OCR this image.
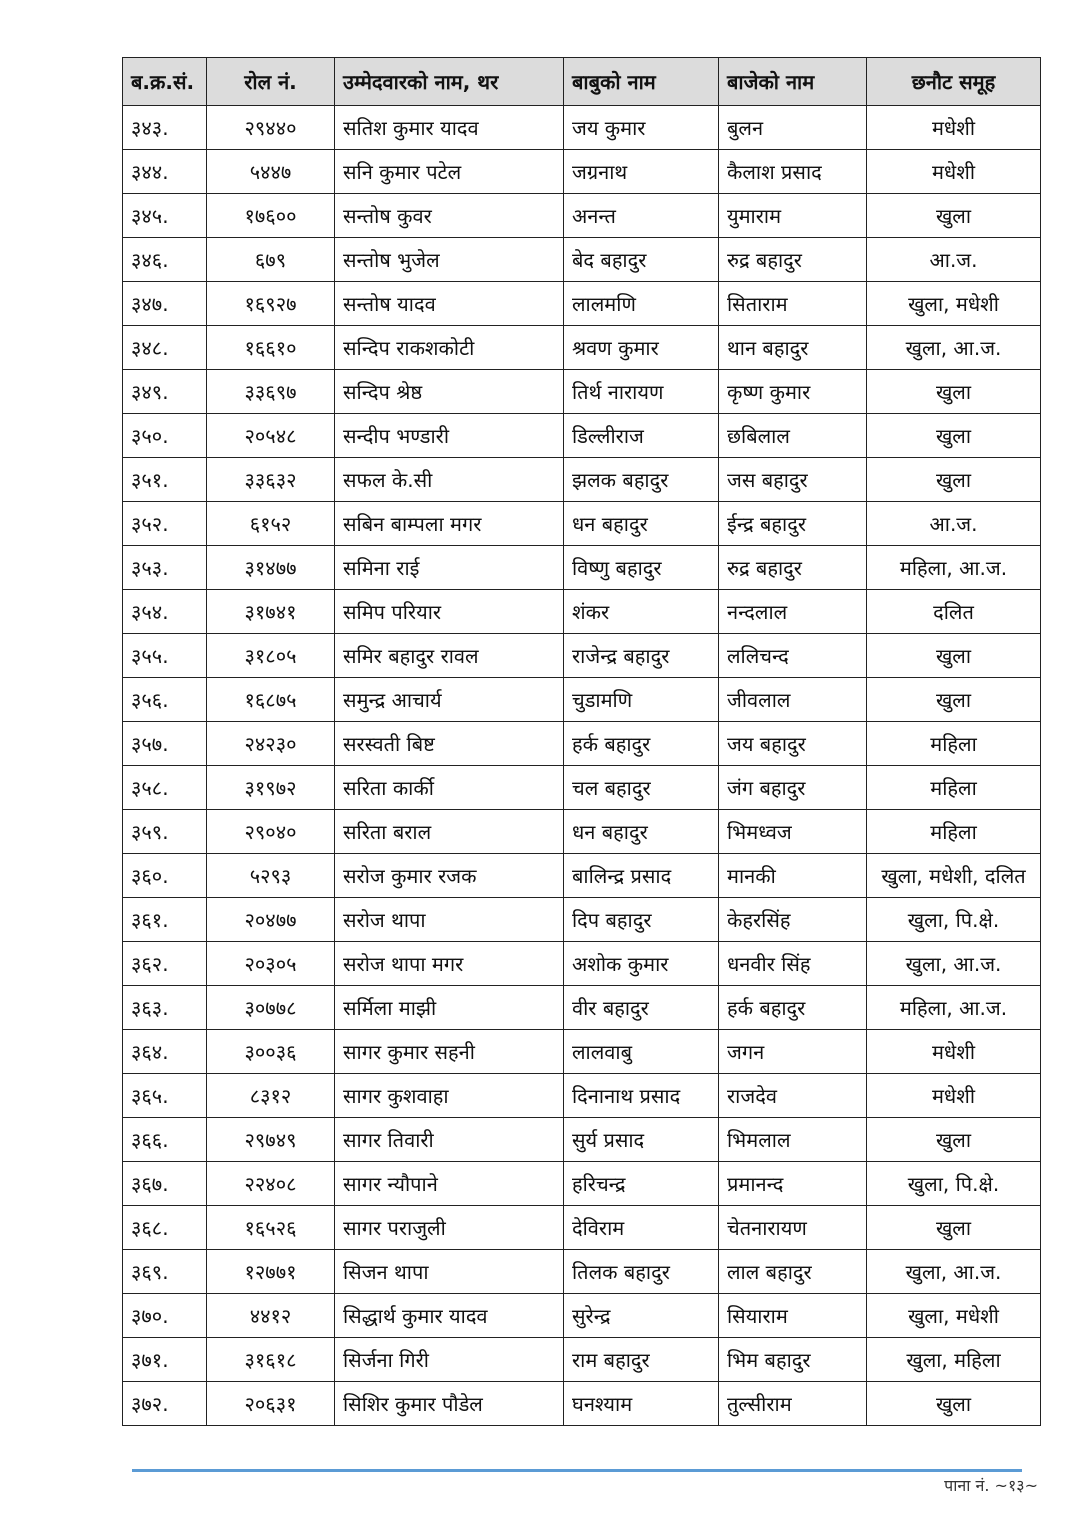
ब.क्र.सं.	रोल नं.	उम्मेदवारको नाम, थर	बाबुको नाम	बाजेको नाम	छनौट समूह
३४३.	२९४४०	सतिश कुमार यादव	जय कुमार	बुलन	मधेशी
३४४.	५४४७	सनि कुमार पटेल	जग्रनाथ	कैलाश प्रसाद	मधेशी
३४५.	१७६००	सन्तोष कुवर	अनन्त	युमाराम	खुला
३४६.	६७९	सन्तोष भुजेल	बेद बहादुर	रुद्र बहादुर	आ.ज.
३४७.	१६९२७	सन्तोष यादव	लालमणि	सिताराम	खुला, मधेशी
३४८.	१६६१०	सन्दिप राकशकोटी	श्रवण कुमार	थान बहादुर	खुला, आ.ज.
३४९.	३३६९७	सन्दिप श्रेष्ठ	तिर्थ नारायण	कृष्ण कुमार	खुला
३५०.	२०५४८	सन्दीप भण्डारी	डिल्लीराज	छबिलाल	खुला
३५१.	३३६३२	सफल के.सी	झलक बहादुर	जस बहादुर	खुला
३५२.	६१५२	सबिन बाम्पला मगर	धन बहादुर	ईन्द्र बहादुर	आ.ज.
३५३.	३१४७७	समिना राई	विष्णु बहादुर	रुद्र बहादुर	महिला, आ.ज.
३५४.	३१७४१	समिप परियार	शंकर	नन्दलाल	दलित
३५५.	३१८०५	समिर बहादुर रावल	राजेन्द्र बहादुर	ललिचन्द	खुला
३५६.	१६८७५	समुन्द्र आचार्य	चुडामणि	जीवलाल	खुला
३५७.	२४२३०	सरस्वती बिष्ट	हर्क बहादुर	जय बहादुर	महिला
३५८.	३१९७२	सरिता कार्की	चल बहादुर	जंग बहादुर	महिला
३५९.	२९०४०	सरिता बराल	धन बहादुर	भिमध्वज	महिला
३६०.	५२९३	सरोज कुमार रजक	बालिन्द्र प्रसाद	मानकी	खुला, मधेशी, दलित
३६१.	२०४७७	सरोज थापा	दिप बहादुर	केहरसिंह	खुला, पि.क्षे.
३६२.	२०३०५	सरोज थापा मगर	अशोक कुमार	धनवीर सिंह	खुला, आ.ज.
३६३.	३०७७८	सर्मिला माझी	वीर बहादुर	हर्क बहादुर	महिला, आ.ज.
३६४.	३००३६	सागर कुमार सहनी	लालवाबु	जगन	मधेशी
३६५.	८३१२	सागर कुशवाहा	दिनानाथ प्रसाद	राजदेव	मधेशी
३६६.	२९७४९	सागर तिवारी	सुर्य प्रसाद	भिमलाल	खुला
३६७.	२२४०८	सागर न्यौपाने	हरिचन्द्र	प्रमानन्द	खुला, पि.क्षे.
३६८.	१६५२६	सागर पराजुली	देविराम	चेतनारायण	खुला
३६९.	१२७७१	सिजन थापा	तिलक बहादुर	लाल बहादुर	खुला, आ.ज.
३७०.	४४१२	सिद्धार्थ कुमार यादव	सुरेन्द्र	सियाराम	खुला, मधेशी
३७१.	३१६१८	सिर्जना गिरी	राम बहादुर	भिम बहादुर	खुला, महिला
३७२.	२०६३१	सिशिर कुमार पौडेल	घनश्याम	तुल्सीराम	खुला
पाना नं. ~१३~
